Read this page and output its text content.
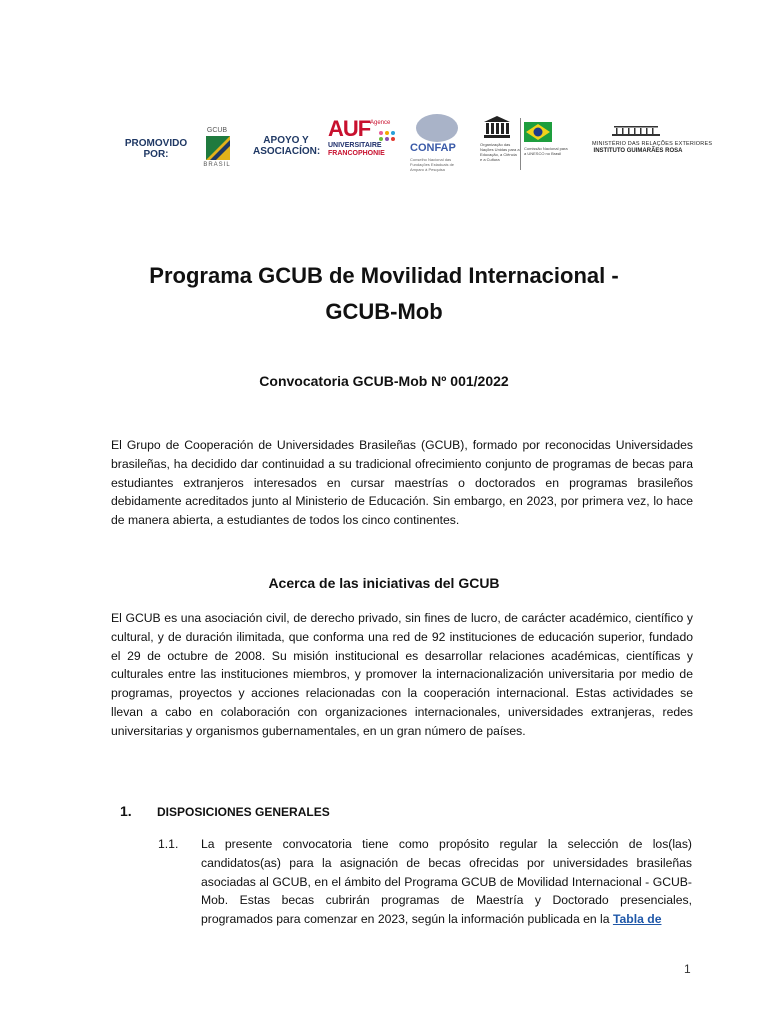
PROMOVIDO POR:
GCUB
BRASIL
APOYO Y ASOCIACÍON:
AUF Agence
UNIVERSITAIRE
FRANCOPHONIE CONFAP
Conselho Nacional das Fundações Estaduais de Amparo à Pesquisa
Organização das Nações Unidas para a Educação, a Ciência e a Cultura
Comissão Nacional para a UNESCO no Brasil
MINISTÉRIO DAS RELAÇÕES EXTERIORES
INSTITUTO GUIMARÃES ROSA
Programa GCUB de Movilidad Internacional -
GCUB-Mob
Convocatoria GCUB-Mob Nº 001/2022
El Grupo de Cooperación de Universidades Brasileñas (GCUB), formado por reconocidas Universidades brasileñas, ha decidido dar continuidad a su tradicional ofrecimiento conjunto de programas de becas para estudiantes extranjeros interesados en cursar maestrías o doctorados en programas brasileños debidamente acreditados junto al Ministerio de Educación. Sin embargo, en 2023, por primera vez, lo hace de manera abierta, a estudiantes de todos los cinco continentes.
Acerca de las iniciativas del GCUB
El GCUB es una asociación civil, de derecho privado, sin fines de lucro, de carácter académico, científico y cultural, y de duración ilimitada, que conforma una red de 92 instituciones de educación superior, fundado el 29 de octubre de 2008. Su misión institucional es desarrollar relaciones académicas, científicas y culturales entre las instituciones miembros, y promover la internacionalización universitaria por medio de programas, proyectos y acciones relacionadas con la cooperación internacional. Estas actividades se llevan a cabo en colaboración con organizaciones internacionales, universidades extranjeras, redes universitarias y organismos gubernamentales, en un gran número de países.
1. DISPOSICIONES GENERALES
1.1. La presente convocatoria tiene como propósito regular la selección de los(las) candidatos(as) para la asignación de becas ofrecidas por universidades brasileñas asociadas al GCUB, en el ámbito del Programa GCUB de Movilidad Internacional - GCUB-Mob. Estas becas cubrirán programas de Maestría y Doctorado presenciales, programados para comenzar en 2023, según la información publicada en la Tabla de
1
